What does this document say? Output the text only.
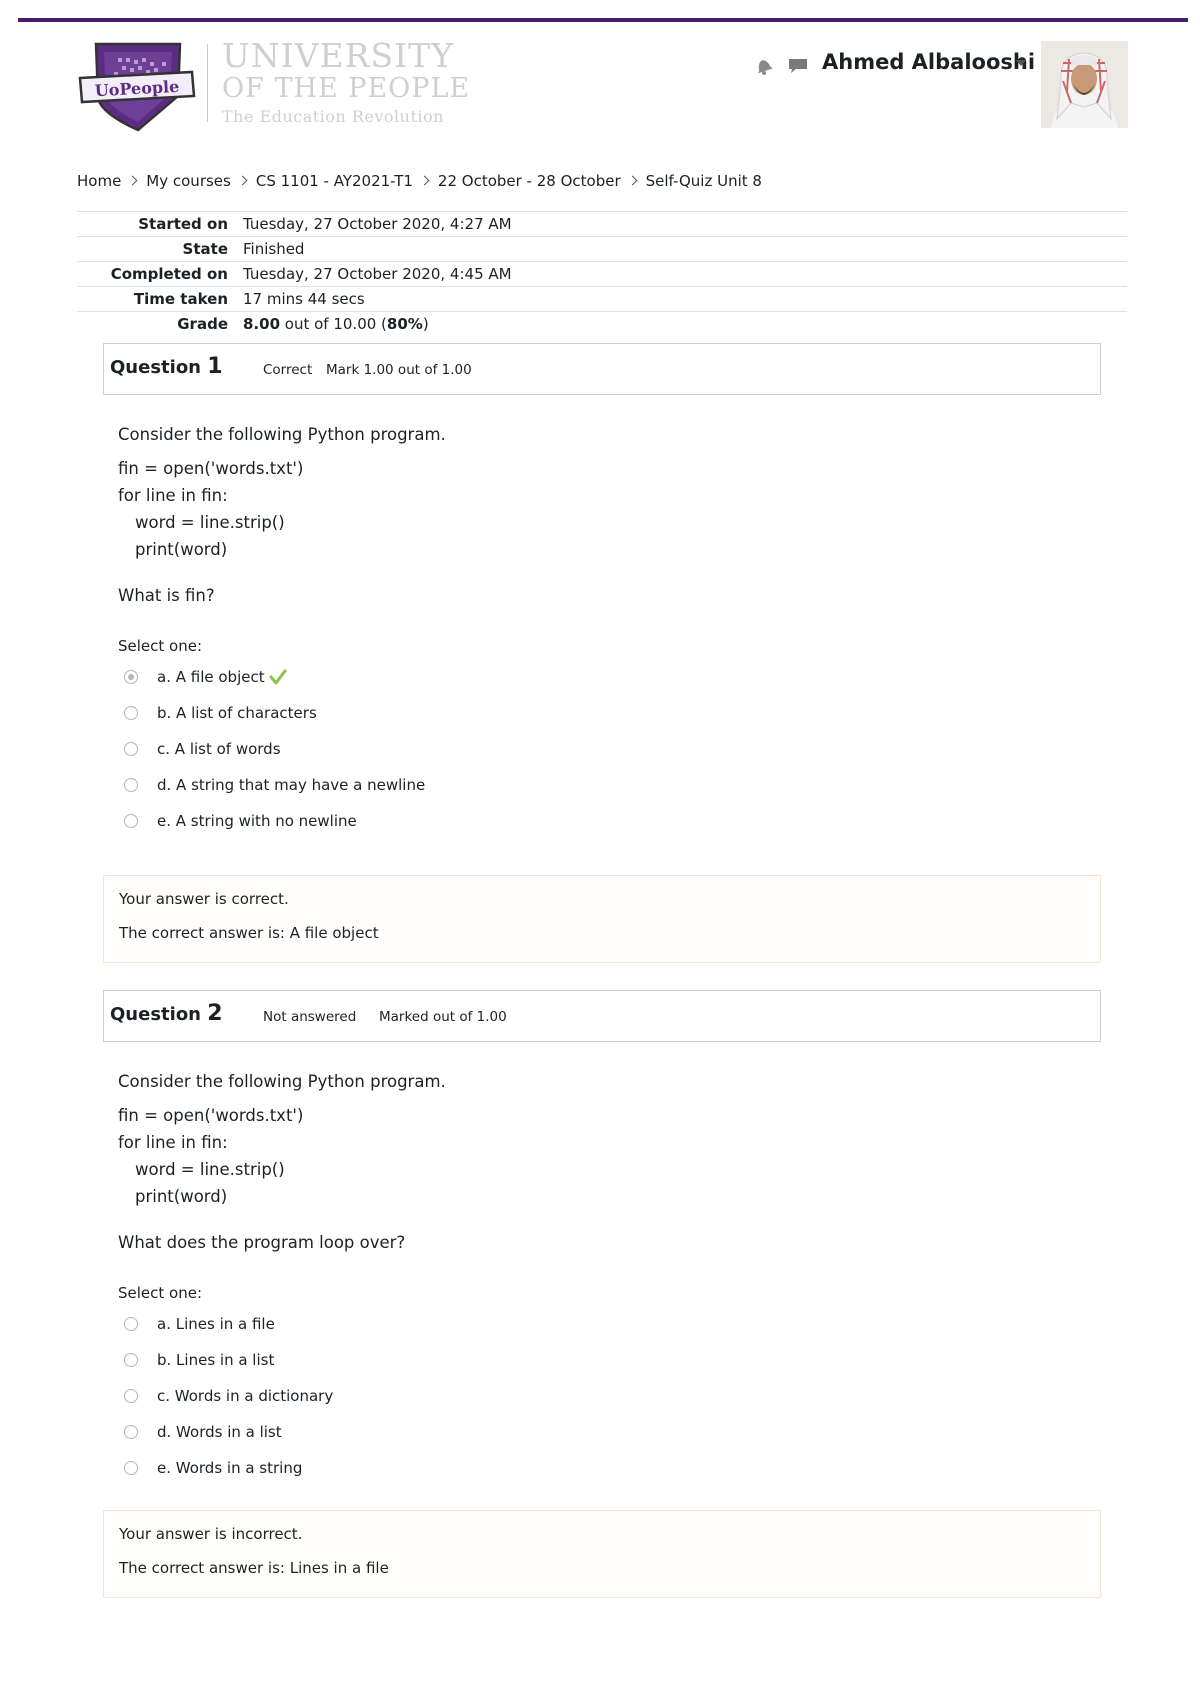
UoPeople
UNIVERSITY
OF THE PEOPLE
The Education Revolution
Ahmed Albalooshi
Home My courses CS 1101 - AY2021-T1 22 October - 28 October Self-Quiz Unit 8
Started on	Tuesday, 27 October 2020, 4:27 AM
State	Finished
Completed on	Tuesday, 27 October 2020, 4:45 AM
Time taken	17 mins 44 secs
Grade	8.00 out of 10.00 (80%)
Question 1	Correct Mark 1.00 out of 1.00
Consider the following Python program.
fin = open('words.txt')
for line in fin:
word = line.strip()
print(word)
What is fin?
Select one:
a. A file object
b. A list of characters
c. A list of words
d. A string that may have a newline
e. A string with no newline
Your answer is correct.
The correct answer is: A file object
Question 2	Not answered Marked out of 1.00
Consider the following Python program.
fin = open('words.txt')
for line in fin:
word = line.strip()
print(word)
What does the program loop over?
Select one:
a. Lines in a file
b. Lines in a list
c. Words in a dictionary
d. Words in a list
e. Words in a string
Your answer is incorrect.
The correct answer is: Lines in a file
